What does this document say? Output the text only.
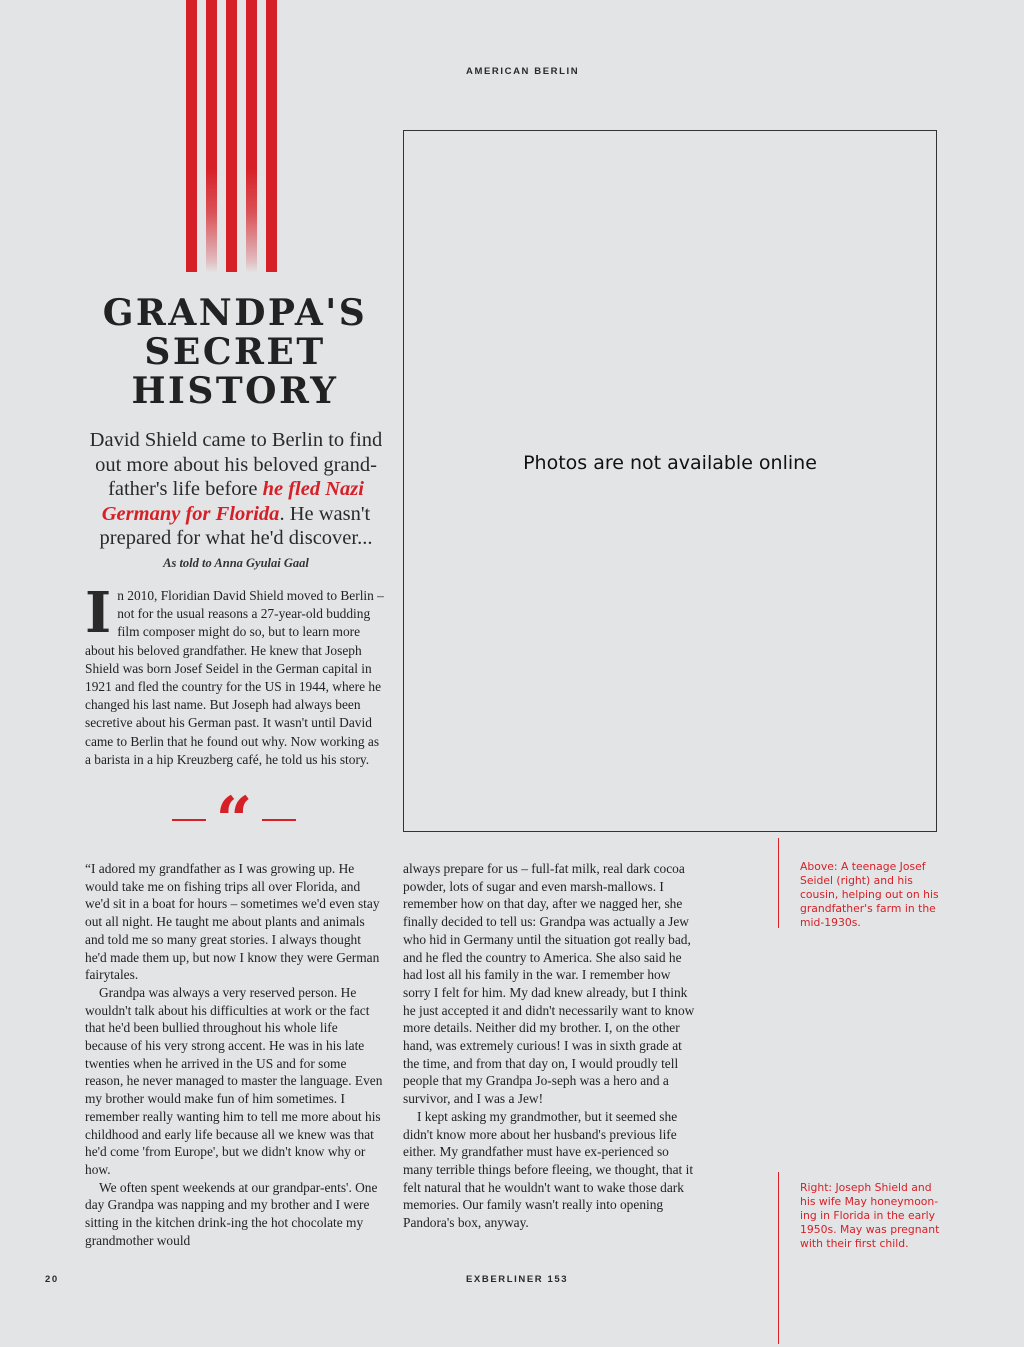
AMERICAN BERLIN
GRANDPA'S
SECRET
HISTORY

David Shield came to Berlin to find out more about his beloved grand-father's life before he fled Nazi Germany for Florida. He wasn't prepared for what he'd discover...

As told to Anna Gyulai Gaal

In 2010, Floridian David Shield moved to Berlin – not for the usual reasons a 27-year-old budding film composer might do so, but to learn more about his beloved grandfather. He knew that Joseph Shield was born Josef Seidel in the German capital in 1921 and fled the country for the US in 1944, where he changed his last name. But Joseph had always been secretive about his German past. It wasn't until David came to Berlin that he found out why. Now working as a barista in a hip Kreuzberg café, he told us his story.

“
Photos are not available online

“I adored my grandfather as I was growing up. He would take me on fishing trips all over Florida, and we'd sit in a boat for hours – sometimes we'd even stay out all night. He taught me about plants and animals and told me so many great stories. I always thought he'd made them up, but now I know they were German fairytales.

Grandpa was always a very reserved person. He wouldn't talk about his difficulties at work or the fact that he'd been bullied throughout his whole life because of his very strong accent. He was in his late twenties when he arrived in the US and for some reason, he never managed to master the language. Even my brother would make fun of him sometimes. I remember really wanting him to tell me more about his childhood and early life because all we knew was that he'd come 'from Europe', but we didn't know why or how.

We often spent weekends at our grandpar-ents'. One day Grandpa was napping and my brother and I were sitting in the kitchen drink-ing the hot chocolate my grandmother would

always prepare for us – full-fat milk, real dark cocoa powder, lots of sugar and even marsh-mallows. I remember how on that day, after we nagged her, she finally decided to tell us: Grandpa was actually a Jew who hid in Germany until the situation got really bad, and he fled the country to America. She also said he had lost all his family in the war. I remember how sorry I felt for him. My dad knew already, but I think he just accepted it and didn't necessarily want to know more details. Neither did my brother. I, on the other hand, was extremely curious! I was in sixth grade at the time, and from that day on, I would proudly tell people that my Grandpa Jo-seph was a hero and a survivor, and I was a Jew!

I kept asking my grandmother, but it seemed she didn't know more about her husband's previous life either. My grandfather must have ex-perienced so many terrible things before fleeing, we thought, that it felt natural that he wouldn't want to wake those dark memories. Our family wasn't really into opening Pandora's box, anyway.

Above: A teenage Josef Seidel (right) and his cousin, helping out on his grandfather's farm in the mid-1930s.
Right: Joseph Shield and his wife May honeymoon-ing in Florida in the early 1950s. May was pregnant with their first child.
20	EXBERLINER 153
